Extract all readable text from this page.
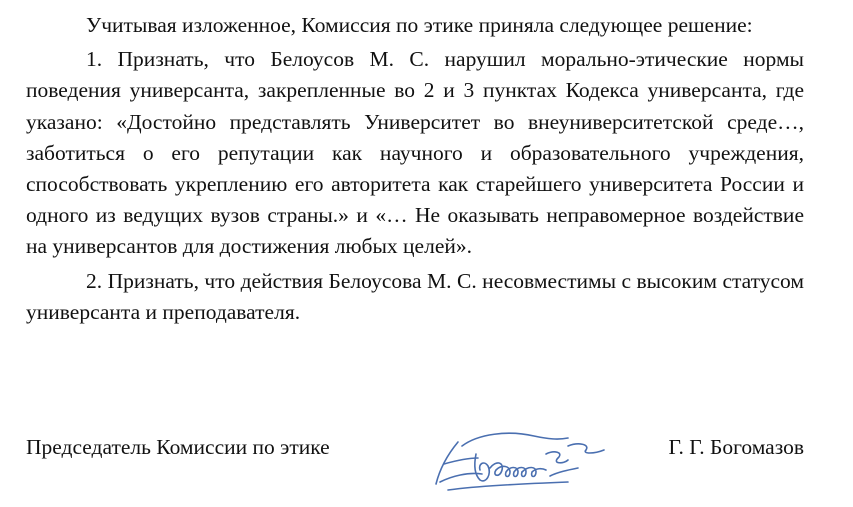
Учитывая изложенное, Комиссия по этике приняла следующее решение:

1. Признать, что Белоусов М. С. нарушил морально-этические нормы поведения универсанта, закрепленные во 2 и 3 пунктах Кодекса универсанта, где указано: «Достойно представлять Университет во внеуниверситетской среде…, заботиться о его репутации как научного и образовательного учреждения, способствовать укреплению его авторитета как старейшего университета России и одного из ведущих вузов страны.» и «… Не оказывать неправомерное воздействие на универсантов для достижения любых целей».

2. Признать, что действия Белоусова М. С. несовместимы с высоким статусом универсанта и преподавателя.

Председатель Комиссии по этике	Г. Г. Богомазов
